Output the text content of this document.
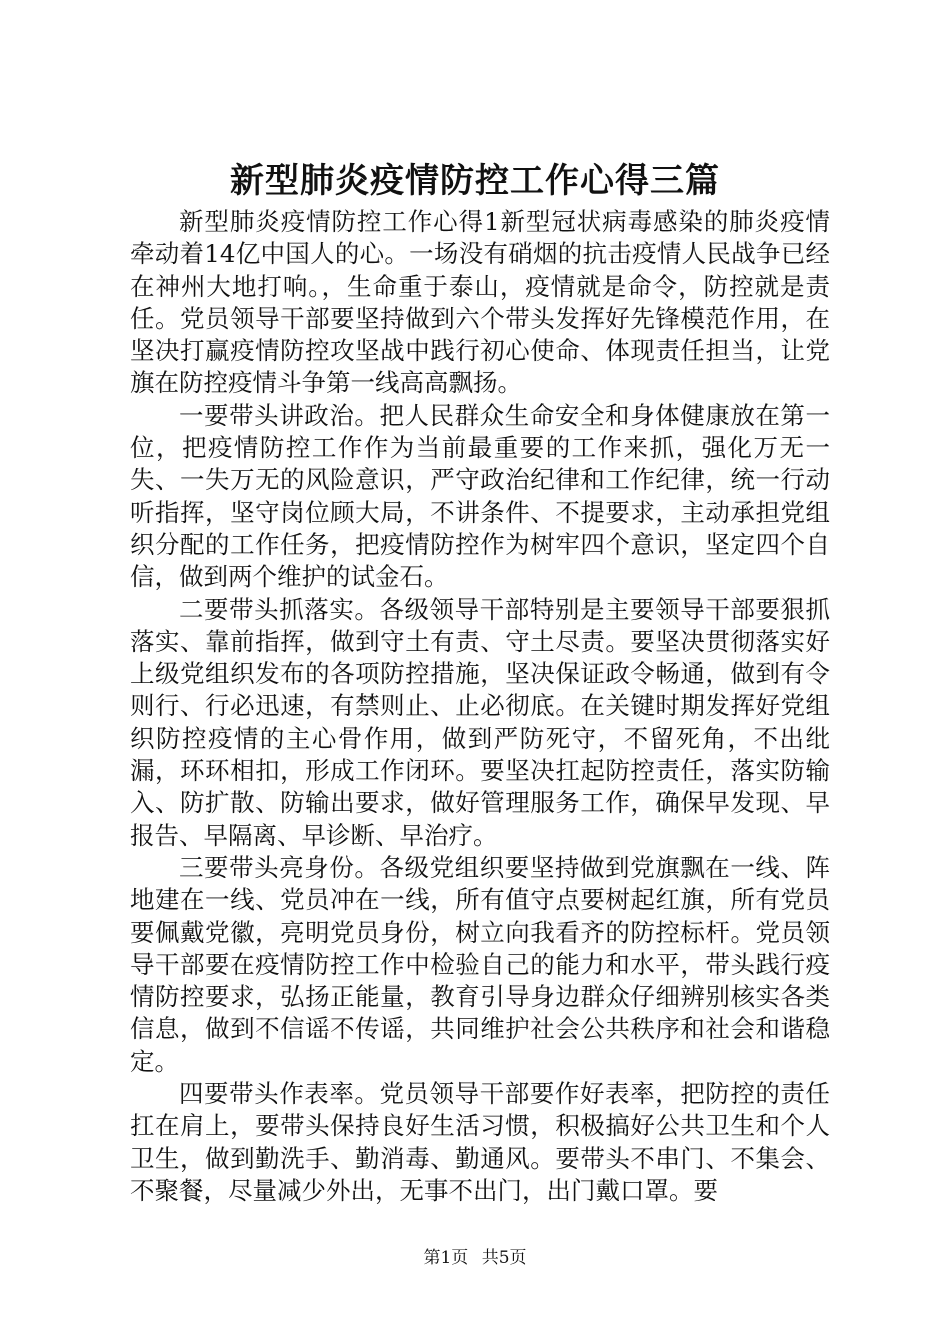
新型肺炎疫情防控工作心得三篇

新型肺炎疫情防控工作心得1新型冠状病毒感染的肺炎疫情牵动着14亿中国人的心。一场没有硝烟的抗击疫情人民战争已经在神州大地打响。，生命重于泰山，疫情就是命令，防控就是责任。党员领导干部要坚持做到六个带头发挥好先锋模范作用，在坚决打赢疫情防控攻坚战中践行初心使命、体现责任担当，让党旗在防控疫情斗争第一线高高飘扬。

一要带头讲政治。把人民群众生命安全和身体健康放在第一位，把疫情防控工作作为当前最重要的工作来抓，强化万无一失、一失万无的风险意识，严守政治纪律和工作纪律，统一行动听指挥，坚守岗位顾大局，不讲条件、不提要求，主动承担党组织分配的工作任务，把疫情防控作为树牢四个意识，坚定四个自信，做到两个维护的试金石。

二要带头抓落实。各级领导干部特别是主要领导干部要狠抓落实、靠前指挥，做到守土有责、守土尽责。要坚决贯彻落实好上级党组织发布的各项防控措施，坚决保证政令畅通，做到有令则行、行必迅速，有禁则止、止必彻底。在关键时期发挥好党组织防控疫情的主心骨作用，做到严防死守，不留死角，不出纰漏，环环相扣，形成工作闭环。要坚决扛起防控责任，落实防输入、防扩散、防输出要求，做好管理服务工作，确保早发现、早报告、早隔离、早诊断、早治疗。

三要带头亮身份。各级党组织要坚持做到党旗飘在一线、阵地建在一线、党员冲在一线，所有值守点要树起红旗，所有党员要佩戴党徽，亮明党员身份，树立向我看齐的防控标杆。党员领导干部要在疫情防控工作中检验自己的能力和水平，带头践行疫情防控要求，弘扬正能量，教育引导身边群众仔细辨别核实各类信息，做到不信谣不传谣，共同维护社会公共秩序和社会和谐稳定。

四要带头作表率。党员领导干部要作好表率，把防控的责任扛在肩上，要带头保持良好生活习惯，积极搞好公共卫生和个人卫生，做到勤洗手、勤消毒、勤通风。要带头不串门、不集会、不聚餐，尽量减少外出，无事不出门，出门戴口罩。要

第1页 共5页
